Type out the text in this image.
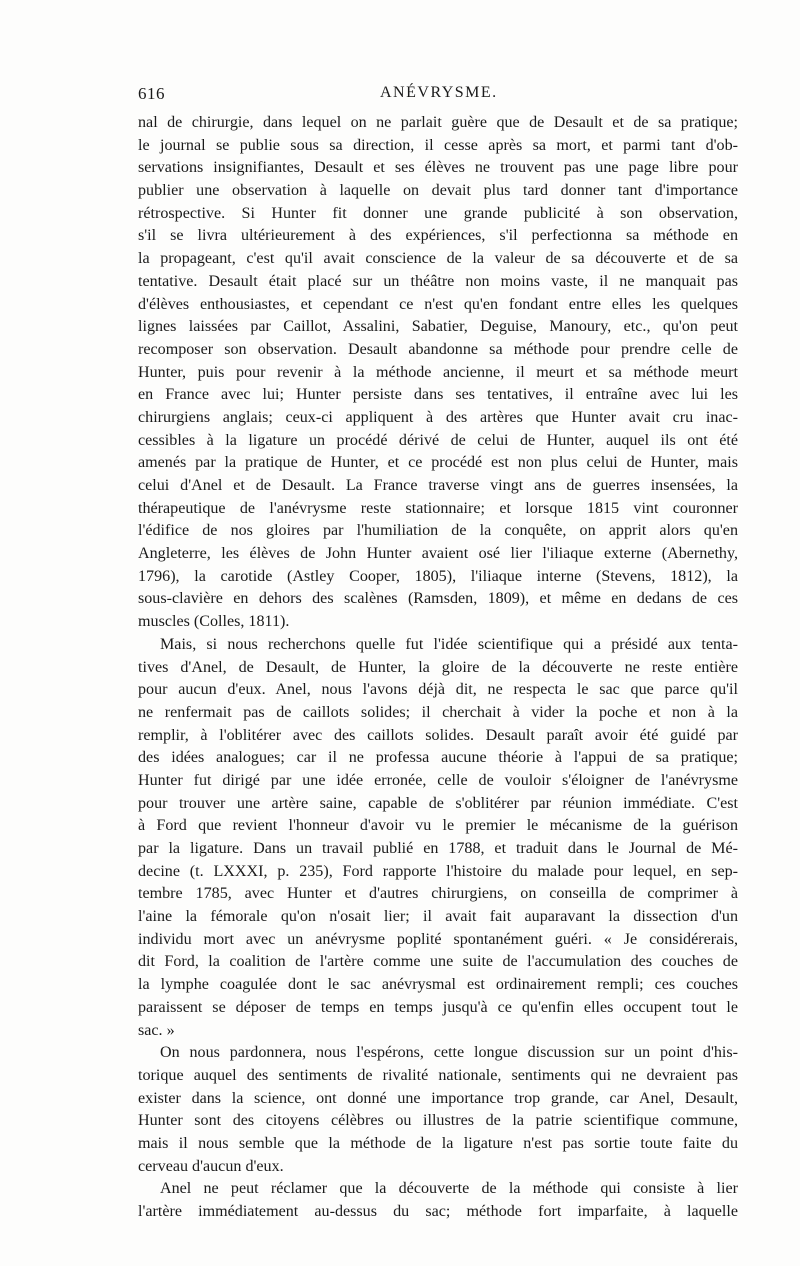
616	ANÉVRYSME.
nal de chirurgie, dans lequel on ne parlait guère que de Desault et de sa pratique;
le journal se publie sous sa direction, il cesse après sa mort, et parmi tant d'ob-
servations insignifiantes, Desault et ses élèves ne trouvent pas une page libre pour
publier une observation à laquelle on devait plus tard donner tant d'importance
rétrospective. Si Hunter fit donner une grande publicité à son observation,
s'il se livra ultérieurement à des expériences, s'il perfectionna sa méthode en
la propageant, c'est qu'il avait conscience de la valeur de sa découverte et de sa
tentative. Desault était placé sur un théâtre non moins vaste, il ne manquait pas
d'élèves enthousiastes, et cependant ce n'est qu'en fondant entre elles les quelques
lignes laissées par Caillot, Assalini, Sabatier, Deguise, Manoury, etc., qu'on peut
recomposer son observation. Desault abandonne sa méthode pour prendre celle de
Hunter, puis pour revenir à la méthode ancienne, il meurt et sa méthode meurt
en France avec lui; Hunter persiste dans ses tentatives, il entraîne avec lui les
chirurgiens anglais; ceux-ci appliquent à des artères que Hunter avait cru inac-
cessibles à la ligature un procédé dérivé de celui de Hunter, auquel ils ont été
amenés par la pratique de Hunter, et ce procédé est non plus celui de Hunter, mais
celui d'Anel et de Desault. La France traverse vingt ans de guerres insensées, la
thérapeutique de l'anévrysme reste stationnaire; et lorsque 1815 vint couronner
l'édifice de nos gloires par l'humiliation de la conquête, on apprit alors qu'en
Angleterre, les élèves de John Hunter avaient osé lier l'iliaque externe (Abernethy,
1796), la carotide (Astley Cooper, 1805), l'iliaque interne (Stevens, 1812), la
sous-clavière en dehors des scalènes (Ramsden, 1809), et même en dedans de ces
muscles (Colles, 1811).
Mais, si nous recherchons quelle fut l'idée scientifique qui a présidé aux tenta-
tives d'Anel, de Desault, de Hunter, la gloire de la découverte ne reste entière
pour aucun d'eux. Anel, nous l'avons déjà dit, ne respecta le sac que parce qu'il
ne renfermait pas de caillots solides; il cherchait à vider la poche et non à la
remplir, à l'oblitérer avec des caillots solides. Desault paraît avoir été guidé par
des idées analogues; car il ne professa aucune théorie à l'appui de sa pratique;
Hunter fut dirigé par une idée erronée, celle de vouloir s'éloigner de l'anévrysme
pour trouver une artère saine, capable de s'oblitérer par réunion immédiate. C'est
à Ford que revient l'honneur d'avoir vu le premier le mécanisme de la guérison
par la ligature. Dans un travail publié en 1788, et traduit dans le Journal de Mé-
decine (t. LXXXI, p. 235), Ford rapporte l'histoire du malade pour lequel, en sep-
tembre 1785, avec Hunter et d'autres chirurgiens, on conseilla de comprimer à
l'aine la fémorale qu'on n'osait lier; il avait fait auparavant la dissection d'un
individu mort avec un anévrysme poplité spontanément guéri. « Je considérerais,
dit Ford, la coalition de l'artère comme une suite de l'accumulation des couches de
la lymphe coagulée dont le sac anévrysmal est ordinairement rempli; ces couches
paraissent se déposer de temps en temps jusqu'à ce qu'enfin elles occupent tout le
sac. »
On nous pardonnera, nous l'espérons, cette longue discussion sur un point d'his-
torique auquel des sentiments de rivalité nationale, sentiments qui ne devraient pas
exister dans la science, ont donné une importance trop grande, car Anel, Desault,
Hunter sont des citoyens célèbres ou illustres de la patrie scientifique commune,
mais il nous semble que la méthode de la ligature n'est pas sortie toute faite du
cerveau d'aucun d'eux.
Anel ne peut réclamer que la découverte de la méthode qui consiste à lier
l'artère immédiatement au-dessus du sac; méthode fort imparfaite, à laquelle
